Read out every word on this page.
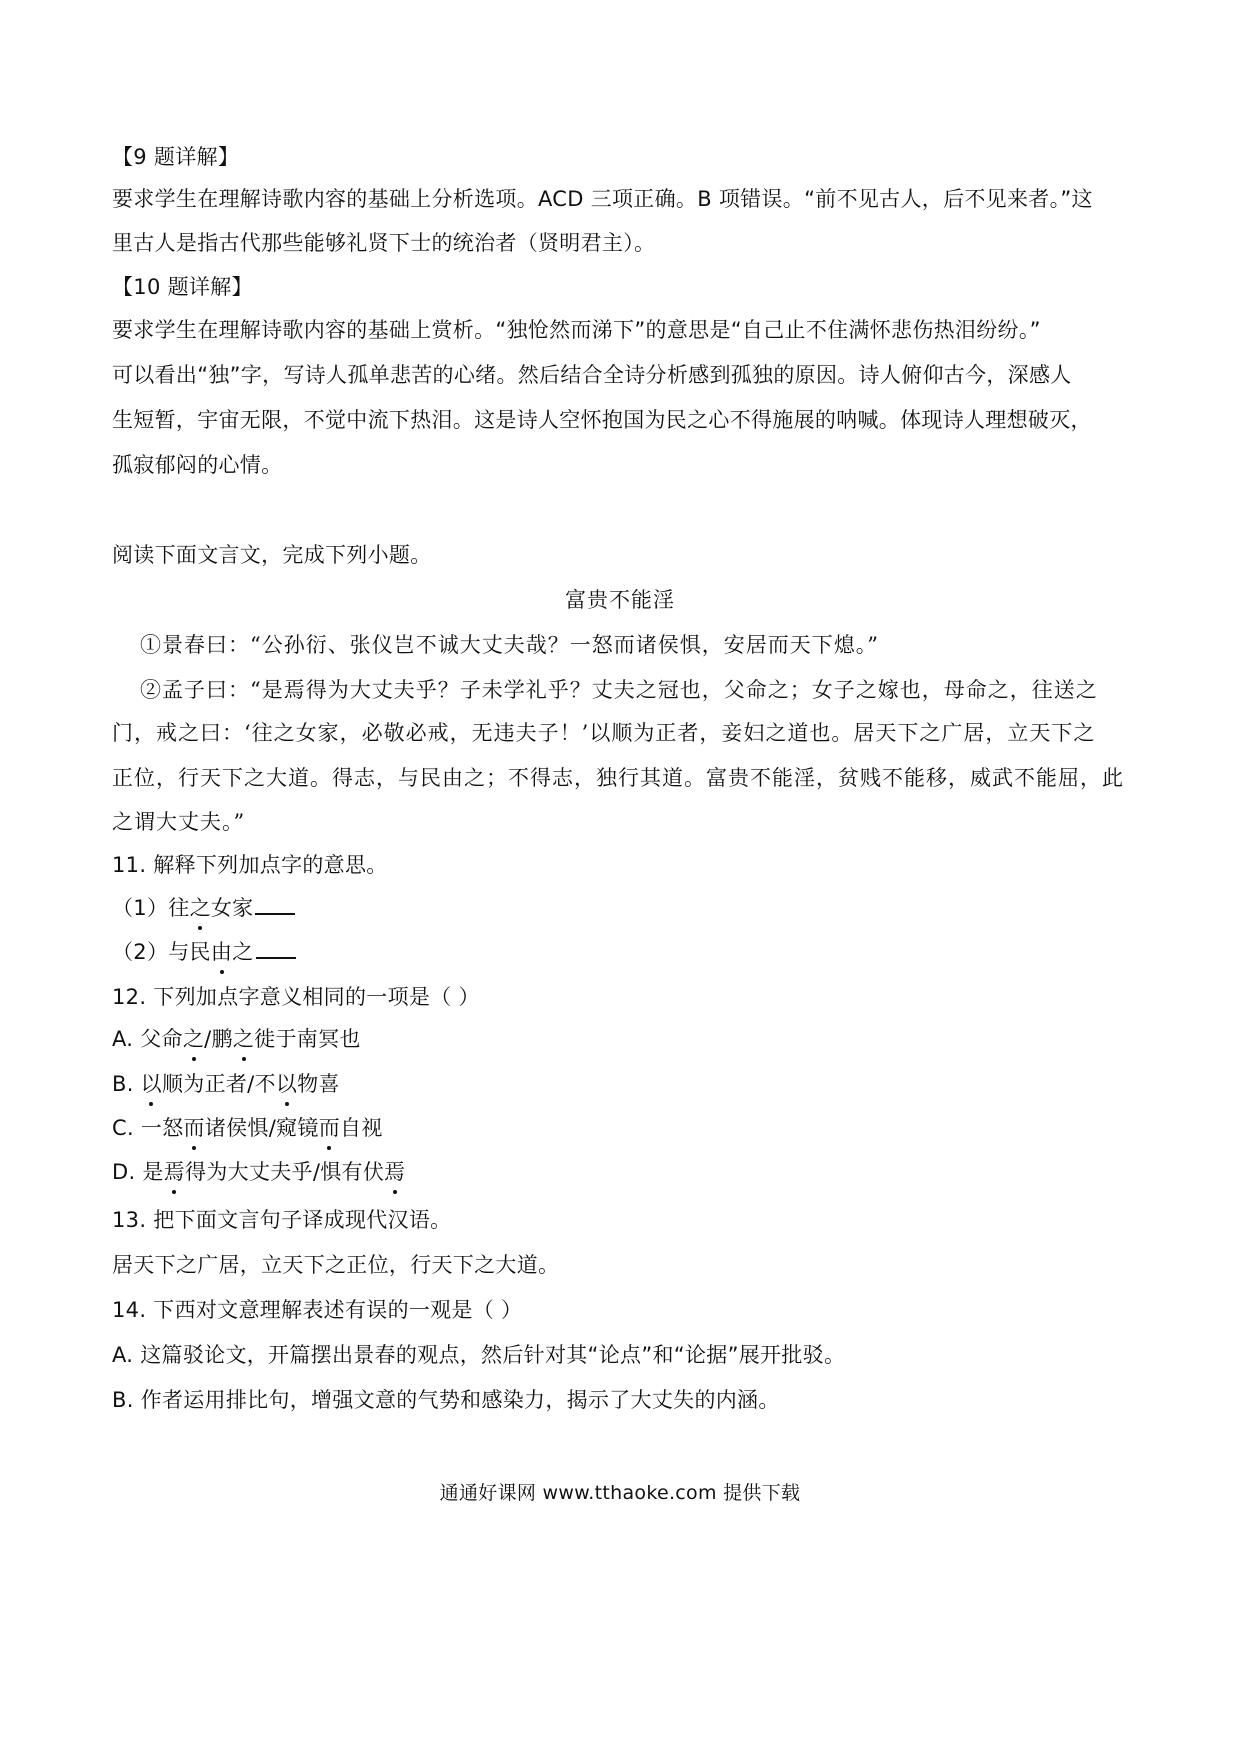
【9 题详解】

要求学生在理解诗歌内容的基础上分析选项。ACD 三项正确。B 项错误。“前不见古人，后不见来者。”这

里古人是指古代那些能够礼贤下士的统治者（贤明君主）。

【10 题详解】

要求学生在理解诗歌内容的基础上赏析。“独怆然而涕下”的意思是“自己止不住满怀悲伤热泪纷纷。”

可以看出“独”字，写诗人孤单悲苦的心绪。然后结合全诗分析感到孤独的原因。诗人俯仰古今，深感人

生短暂，宇宙无限，不觉中流下热泪。这是诗人空怀抱国为民之心不得施展的呐喊。体现诗人理想破灭，

孤寂郁闷的心情。

阅读下面文言文，完成下列小题。

富贵不能淫

①景春曰：“公孙衍、张仪岂不诚大丈夫哉？一怒而诸侯惧，安居而天下熄。”

②孟子曰：“是焉得为大丈夫乎？子未学礼乎？丈夫之冠也，父命之；女子之嫁也，母命之，往送之

门，戒之曰：‘往之女家，必敬必戒，无违夫子！’以顺为正者，妾妇之道也。居天下之广居，立天下之

正位，行天下之大道。得志，与民由之；不得志，独行其道。富贵不能淫，贫贱不能移，威武不能屈，此

之谓大丈夫。”

11. 解释下列加点字的意思。

（1）往之女家

（2）与民由之

12. 下列加点字意义相同的一项是（ ）

A. 父命之/鹏之徙于南冥也

B. 以顺为正者/不以物喜

C. 一怒而诸侯惧/窥镜而自视

D. 是焉得为大丈夫乎/惧有伏焉

13. 把下面文言句子译成现代汉语。

居天下之广居，立天下之正位，行天下之大道。

14. 下西对文意理解表述有误的一观是（ ）

A. 这篇驳论文，开篇摆出景春的观点，然后针对其“论点”和“论据”展开批驳。

B. 作者运用排比句，增强文意的气势和感染力，揭示了大丈失的内涵。

通通好课网 www.tthaoke.com 提供下载
